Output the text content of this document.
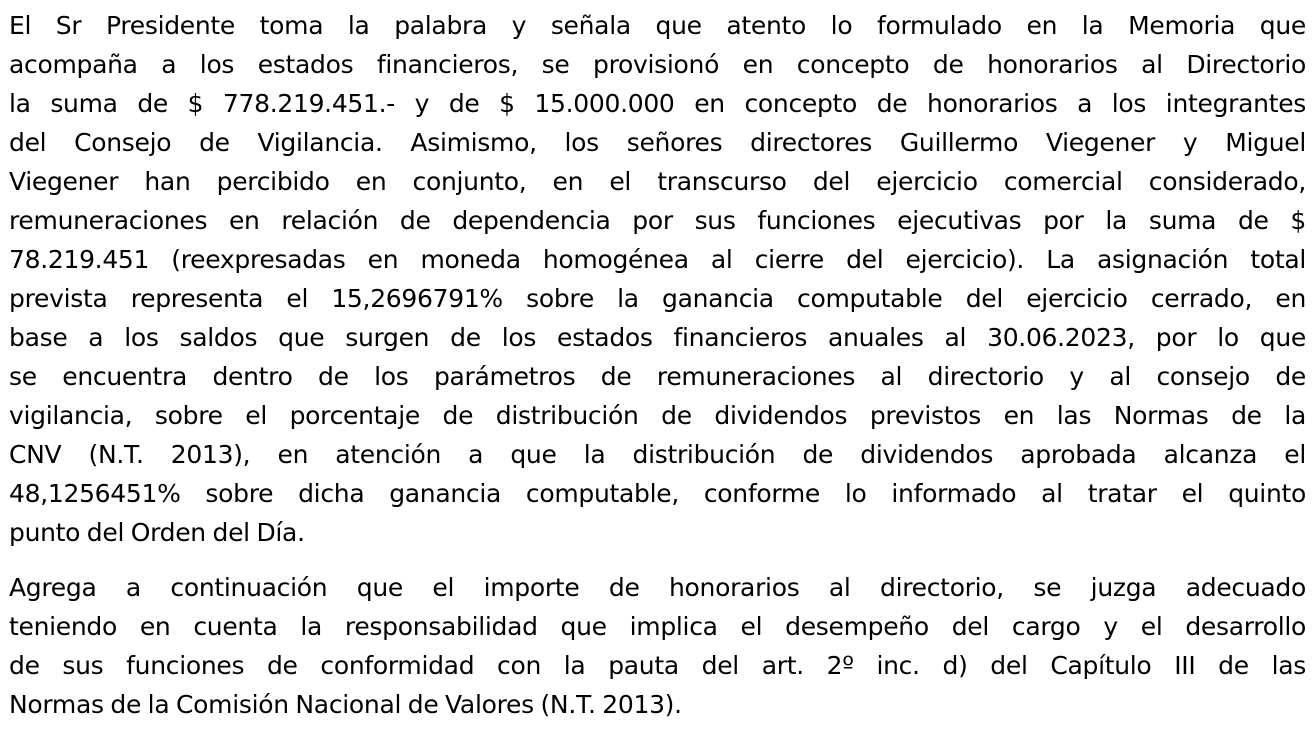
El Sr Presidente toma la palabra y señala que atento lo formulado en la Memoria que
acompaña a los estados financieros, se provisionó en concepto de honorarios al Directorio
la suma de $ 778.219.451.- y de $ 15.000.000 en concepto de honorarios a los integrantes
del Consejo de Vigilancia. Asimismo, los señores directores Guillermo Viegener y Miguel
Viegener han percibido en conjunto, en el transcurso del ejercicio comercial considerado,
remuneraciones en relación de dependencia por sus funciones ejecutivas por la suma de $
78.219.451 (reexpresadas en moneda homogénea al cierre del ejercicio). La asignación total
prevista representa el 15,2696791% sobre la ganancia computable del ejercicio cerrado, en
base a los saldos que surgen de los estados financieros anuales al 30.06.2023, por lo que
se encuentra dentro de los parámetros de remuneraciones al directorio y al consejo de
vigilancia, sobre el porcentaje de distribución de dividendos previstos en las Normas de la
CNV (N.T. 2013), en atención a que la distribución de dividendos aprobada alcanza el
48,1256451% sobre dicha ganancia computable, conforme lo informado al tratar el quinto
punto del Orden del Día.

Agrega a continuación que el importe de honorarios al directorio, se juzga adecuado
teniendo en cuenta la responsabilidad que implica el desempeño del cargo y el desarrollo
de sus funciones de conformidad con la pauta del art. 2º inc. d) del Capítulo III de las
Normas de la Comisión Nacional de Valores (N.T. 2013).
